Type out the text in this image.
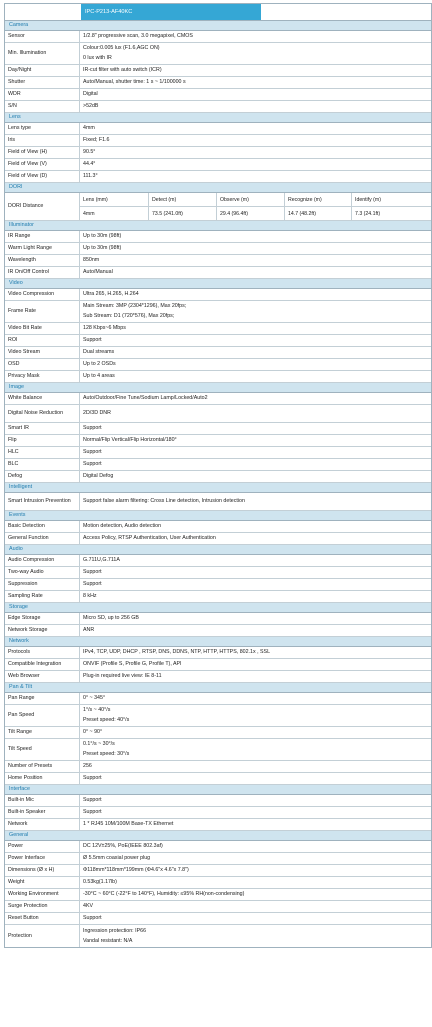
IPC-P213-AF40KC
Camera
Sensor	1/2.8" progressive scan, 3.0 megapixel, CMOS
Min. Illumination
Colour:0.005 lux (F1.6,AGC ON)
0 lux with IR
Day/Night	IR-cut filter with auto switch (ICR)
Shutter	Auto/Manual, shutter time: 1 s ~ 1/100000 s
WDR	Digital
S/N	>52dB
Lens
Lens type	4mm
Iris	Fixed; F1.6
Field of View (H)	90.5°
Field of View (V)	44.4°
Field of View (D)	111.3°
DORI
DORI Distance
Lens (mm)	Detect (m)	Observe (m)	Recognize (m)	Identify (m)
4mm	73.5 (241.0ft)	29.4 (96.4ft)	14.7 (48.2ft)	7.3 (24.1ft)
Illuminator
IR Range	Up to 30m (98ft)
Warm Light Range	Up to 30m (98ft)
Wavelength	850nm
IR On/Off Control	Auto/Manual
Video
Video Compression	Ultra 265, H.265, H.264
Frame Rate
Main Stream: 3MP (2304*1296), Max 20fps;
Sub Stream: D1 (720*576), Max 20fps;
Video Bit Rate	128 Kbps~6 Mbps
ROI	Support
Video Stream	Dual streams
OSD	Up to 2 OSDs
Privacy Mask	Up to 4 areas
Image
White Balance	Auto/Outdoor/Fine Tune/Sodium Lamp/Locked/Auto2
Digital Noise Reduction	2D/3D DNR
Smart IR	Support
Flip	Normal/Flip Vertical/Flip Horizontal/180°
HLC	Support
BLC	Support
Defog	Digital Defog
Intelligent
Smart Intrusion Prevention	Support false alarm filtering: Cross Line detection, Intrusion detection
Events
Basic Detection	Motion detection, Audio detection
General Function	Access Policy, RTSP Authentication, User Authentication
Audio
Audio Compression	G.711U,G.711A
Two-way Audio	Support
Suppression	Support
Sampling Rate	8 kHz
Storage
Edge Storage	Micro SD, up to 256 GB
Network Storage	ANR
Network
Protocols	IPv4, TCP, UDP, DHCP , RTSP, DNS, DDNS, NTP, HTTP, HTTPS, 802.1x , SSL
Compatible Integration	ONVIF (Profile S, Profile G, Profile T), API
Web Browser	Plug-in required live view: IE 8-11
Pan & Tilt
Pan Range	0° ~ 345°
Pan Speed
1°/s ~ 40°/s
Preset speed: 40°/s
Tilt Range	0° ~ 90°
Tilt Speed
0.1°/s ~ 30°/s
Preset speed: 30°/s
Number of Presets	256
Home Position	Support
Interface
Built-in Mic	Support
Built-in Speaker	Support
Network	1 * RJ45 10M/100M Base-TX Ethernet
General
Power	DC 12V±25%, PoE(IEEE 802.3af)
Power Interface	Ø 5.5mm coaxial power plug
Dimensions (Ø x H)	Φ118mm*118mm*199mm (Φ4.6"x 4.6"x 7.8")
Weight	0.53kg(1.17lb)
Working Environment	-30°C ~ 60°C (-22°F to 140°F), Humidity: ≤95% RH(non-condensing)
Surge Protection	4KV
Reset Button	Support
Protection
Ingression protection: IP66
Vandal resistant: N/A
